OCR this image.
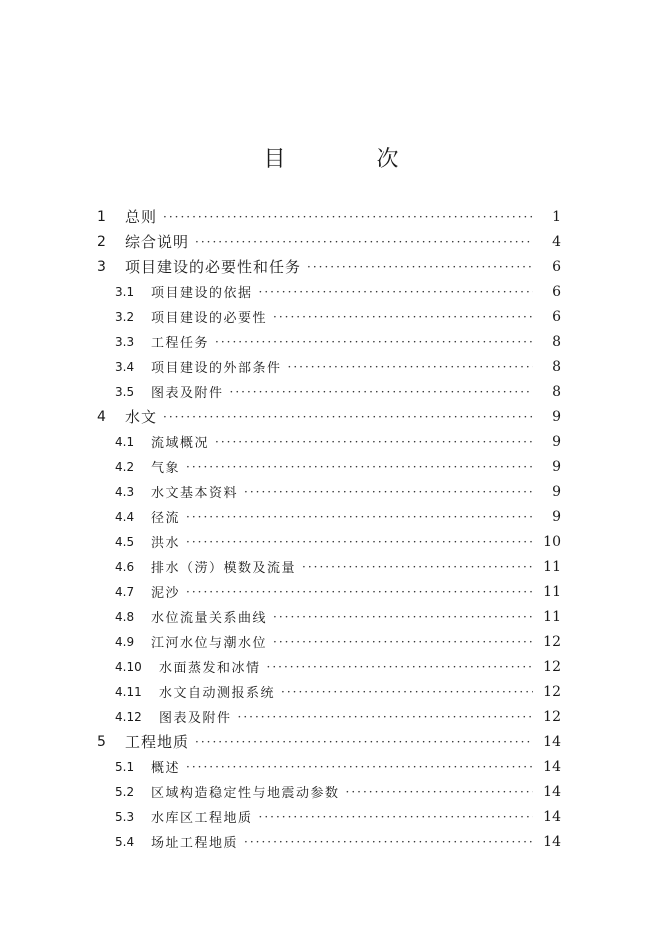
目 次
1	总则 ·····	1
2	综合说明 ·····	4
3	项目建设的必要性和任务 ·····	6
3.1	项目建设的依据 ·····	6
3.2	项目建设的必要性 ·····	6
3.3	工程任务 ·····	8
3.4	项目建设的外部条件 ·····	8
3.5	图表及附件 ·····	8
4	水文 ·····	9
4.1	流域概况 ·····	9
4.2	气象 ·····	9
4.3	水文基本资料 ·····	9
4.4	径流 ·····	9
4.5	洪水 ·····	10
4.6	排水（涝）模数及流量 ·····	11
4.7	泥沙 ·····	11
4.8	水位流量关系曲线 ·····	11
4.9	江河水位与潮水位 ·····	12
4.10	水面蒸发和冰情 ·····	12
4.11	水文自动测报系统 ·····	12
4.12	图表及附件 ·····	12
5	工程地质 ·····	14
5.1	概述 ·····	14
5.2	区域构造稳定性与地震动参数 ·····	14
5.3	水库区工程地质 ·····	14
5.4	场址工程地质 ·····	14
